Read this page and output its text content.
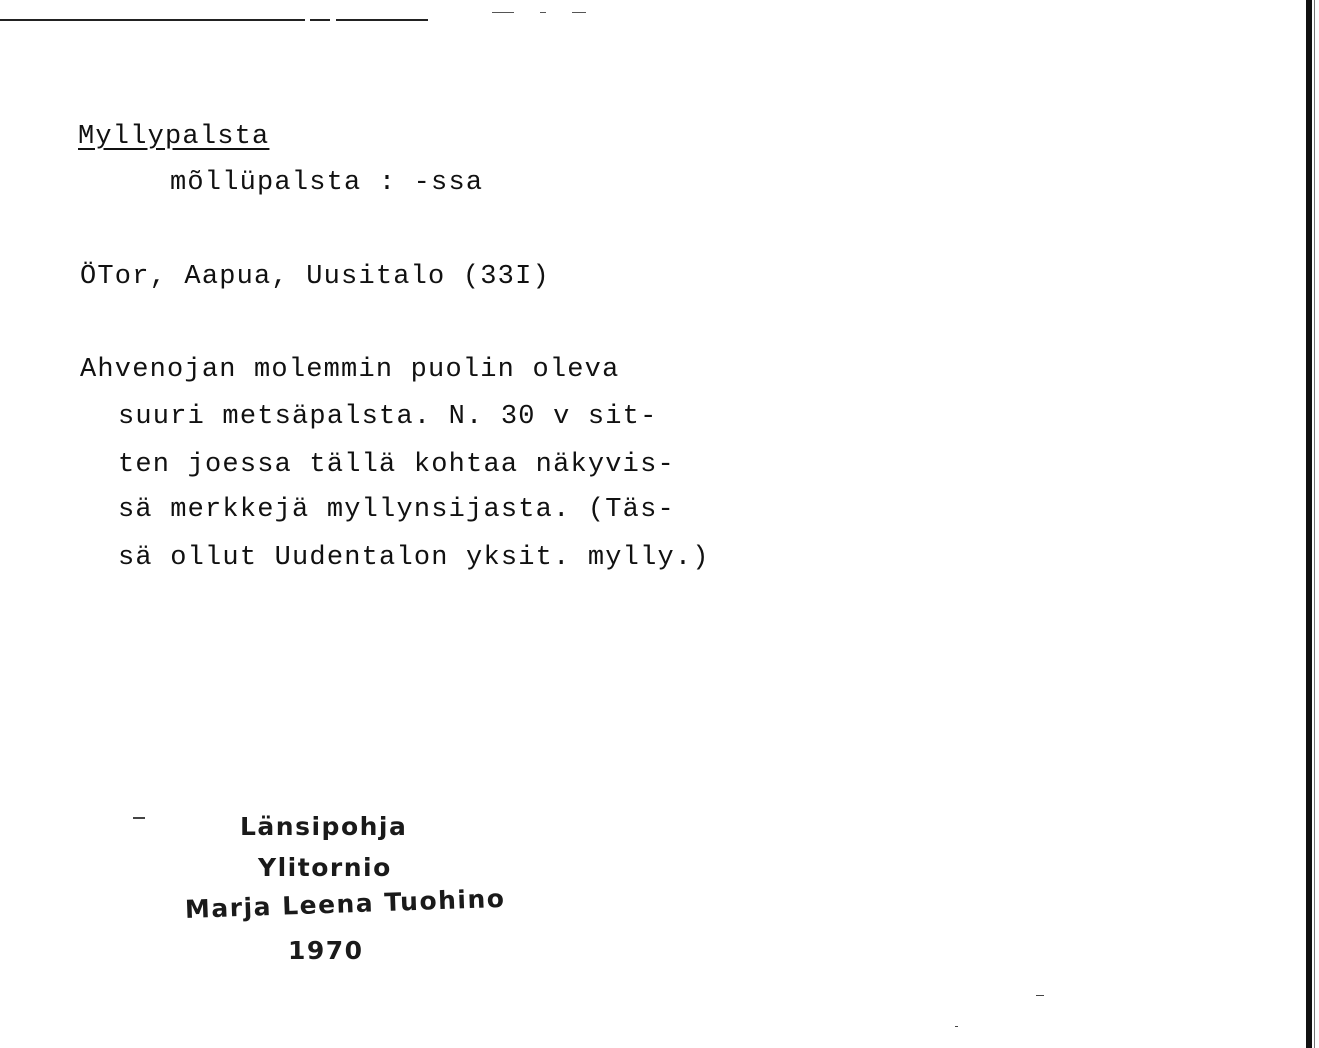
Myllypalsta
mõllüpalsta : -ssa
ÖTor, Aapua, Uusitalo (33I)
Ahvenojan molemmin puolin oleva
suuri metsäpalsta. N. 30 v sit-
ten joessa tällä kohtaa näkyvis-
sä merkkejä myllynsijasta. (Täs-
sä ollut Uudentalon yksit. mylly.)
Länsipohja
Ylitornio
Marja Leena Tuohino
1970
